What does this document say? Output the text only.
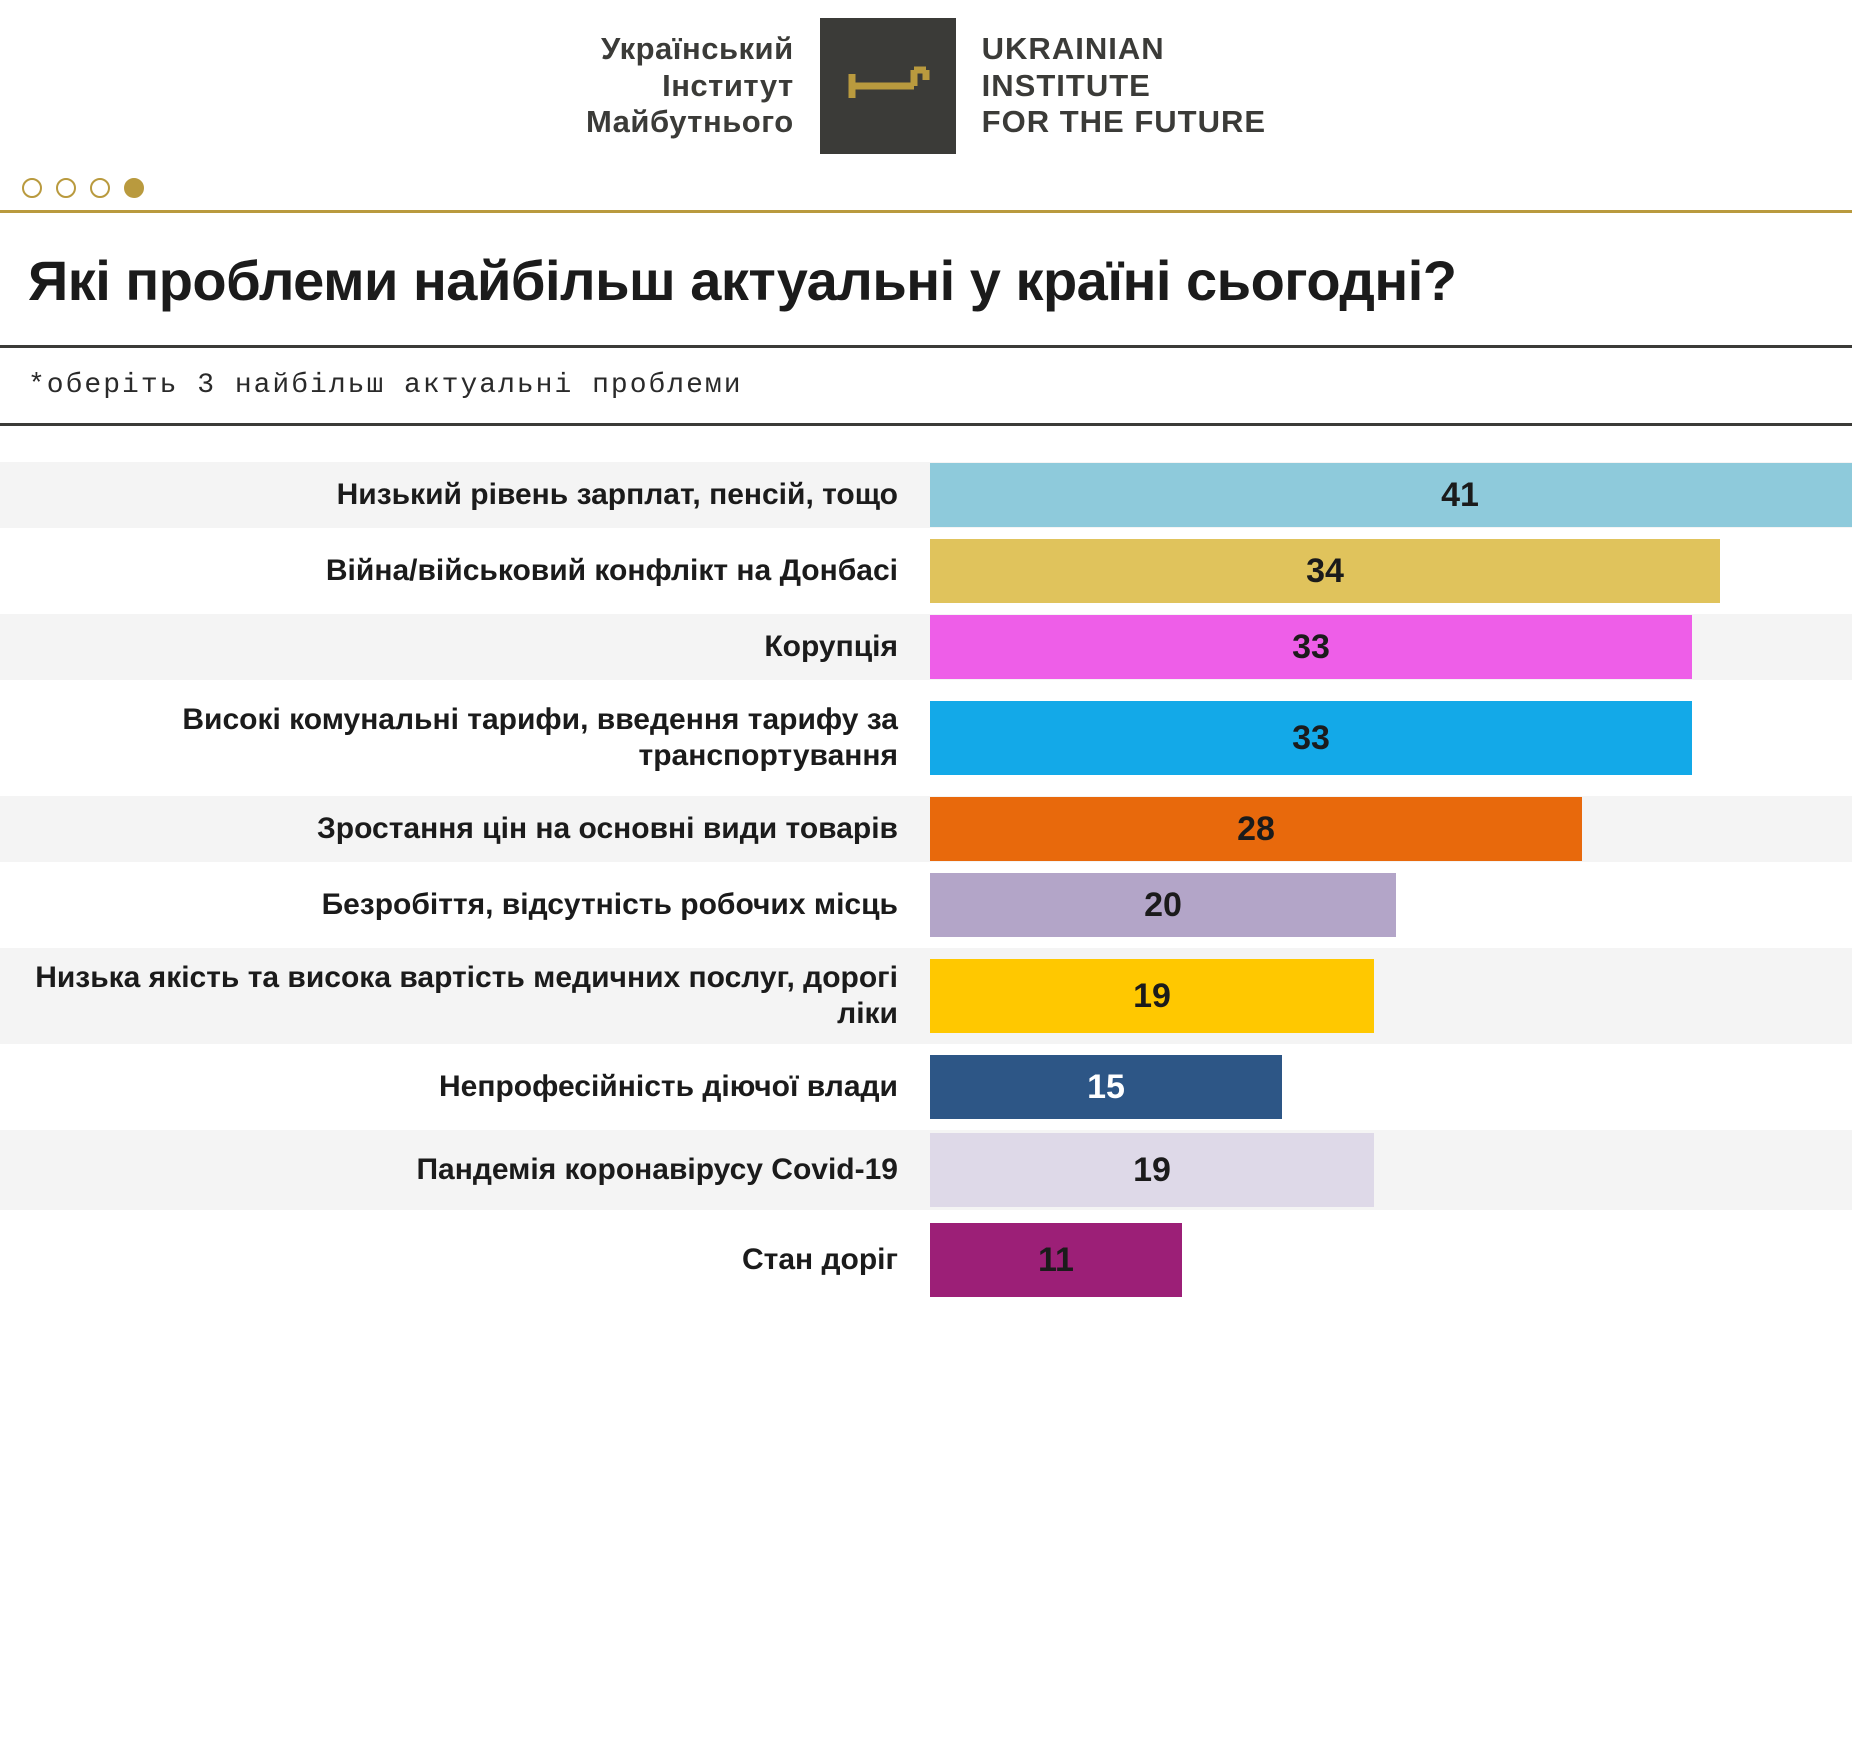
Український
Інститут
Майбутнього
UKRAINIAN
INSTITUTE
FOR THE FUTURE
Які проблеми найбільш актуальні у країні сьогодні?
*оберіть 3 найбільш актуальні проблеми
Низький рівень зарплат, пенсій, тощо	41
Війна/військовий конфлікт на Донбасі	34
Корупція	33
Високі комунальні тарифи, введення тарифу за транспортування	33
Зростання цін на основні види товарів	28
Безробіття, відсутність робочих місць	20
Низька якість та висока вартість медичних послуг, дорогі ліки	19
Непрофесійність діючої влади	15
Пандемія коронавірусу Covid-19	19
Стан доріг	11
